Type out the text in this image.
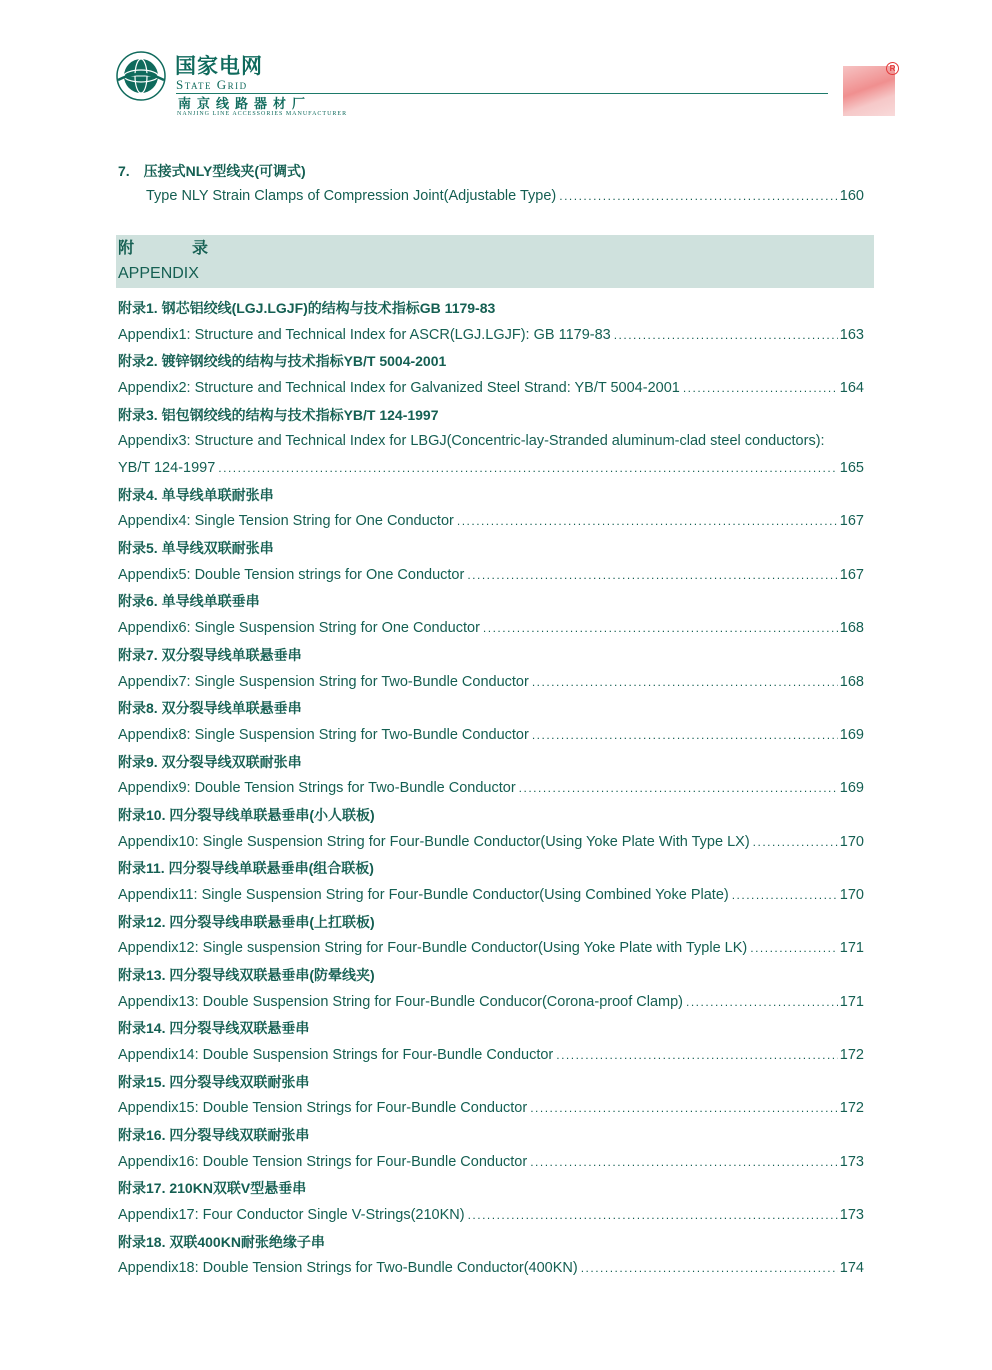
国家电网
State Grid
南京线路器材厂
NANJING LINE ACCESSORIES MANUFACTURER
R
7.　压接式NLY型线夹(可调式)
Type NLY Strain Clamps of Compression Joint(Adjustable Type) .....	160
附	录
APPENDIX
附录1. 钢芯铝绞线(LGJ.LGJF)的结构与技术指标GB 1179-83
Appendix1: Structure and Technical Index for ASCR(LGJ.LGJF): GB 1179-83 .....	163
附录2. 镀锌钢绞线的结构与技术指标YB/T 5004-2001
Appendix2: Structure and Technical Index for Galvanized Steel Strand: YB/T 5004-2001 .....	164
附录3. 铝包钢绞线的结构与技术指标YB/T 124-1997
Appendix3: Structure and Technical Index for LBGJ(Concentric-lay-Stranded aluminum-clad steel conductors):
YB/T 124-1997 .....	165
附录4. 单导线单联耐张串
Appendix4: Single Tension String for One Conductor .....	167
附录5. 单导线双联耐张串
Appendix5: Double Tension strings for One Conductor .....	167
附录6. 单导线单联垂串
Appendix6: Single Suspension String for One Conductor .....	168
附录7. 双分裂导线单联悬垂串
Appendix7: Single Suspension String for Two-Bundle Conductor .....	168
附录8. 双分裂导线单联悬垂串
Appendix8: Single Suspension String for Two-Bundle Conductor .....	169
附录9. 双分裂导线双联耐张串
Appendix9: Double Tension Strings for Two-Bundle Conductor .....	169
附录10. 四分裂导线单联悬垂串(小人联板)
Appendix10: Single Suspension String for Four-Bundle Conductor(Using Yoke Plate With Type LX) .....	170
附录11. 四分裂导线单联悬垂串(组合联板)
Appendix11: Single Suspension String for Four-Bundle Conductor(Using Combined Yoke Plate) .....	170
附录12. 四分裂导线串联悬垂串(上扛联板)
Appendix12: Single suspension String for Four-Bundle Conductor(Using Yoke Plate with Typle LK) .....	171
附录13. 四分裂导线双联悬垂串(防晕线夹)
Appendix13: Double Suspension String for Four-Bundle Conducor(Corona-proof Clamp) .....	171
附录14. 四分裂导线双联悬垂串
Appendix14: Double Suspension Strings for Four-Bundle Conductor .....	172
附录15. 四分裂导线双联耐张串
Appendix15: Double Tension Strings for Four-Bundle Conductor .....	172
附录16. 四分裂导线双联耐张串
Appendix16: Double Tension Strings for Four-Bundle Conductor .....	173
附录17. 210KN双联V型悬垂串
Appendix17: Four Conductor Single V-Strings(210KN) .....	173
附录18. 双联400KN耐张绝缘子串
Appendix18: Double Tension Strings for Two-Bundle Conductor(400KN) .....	174
